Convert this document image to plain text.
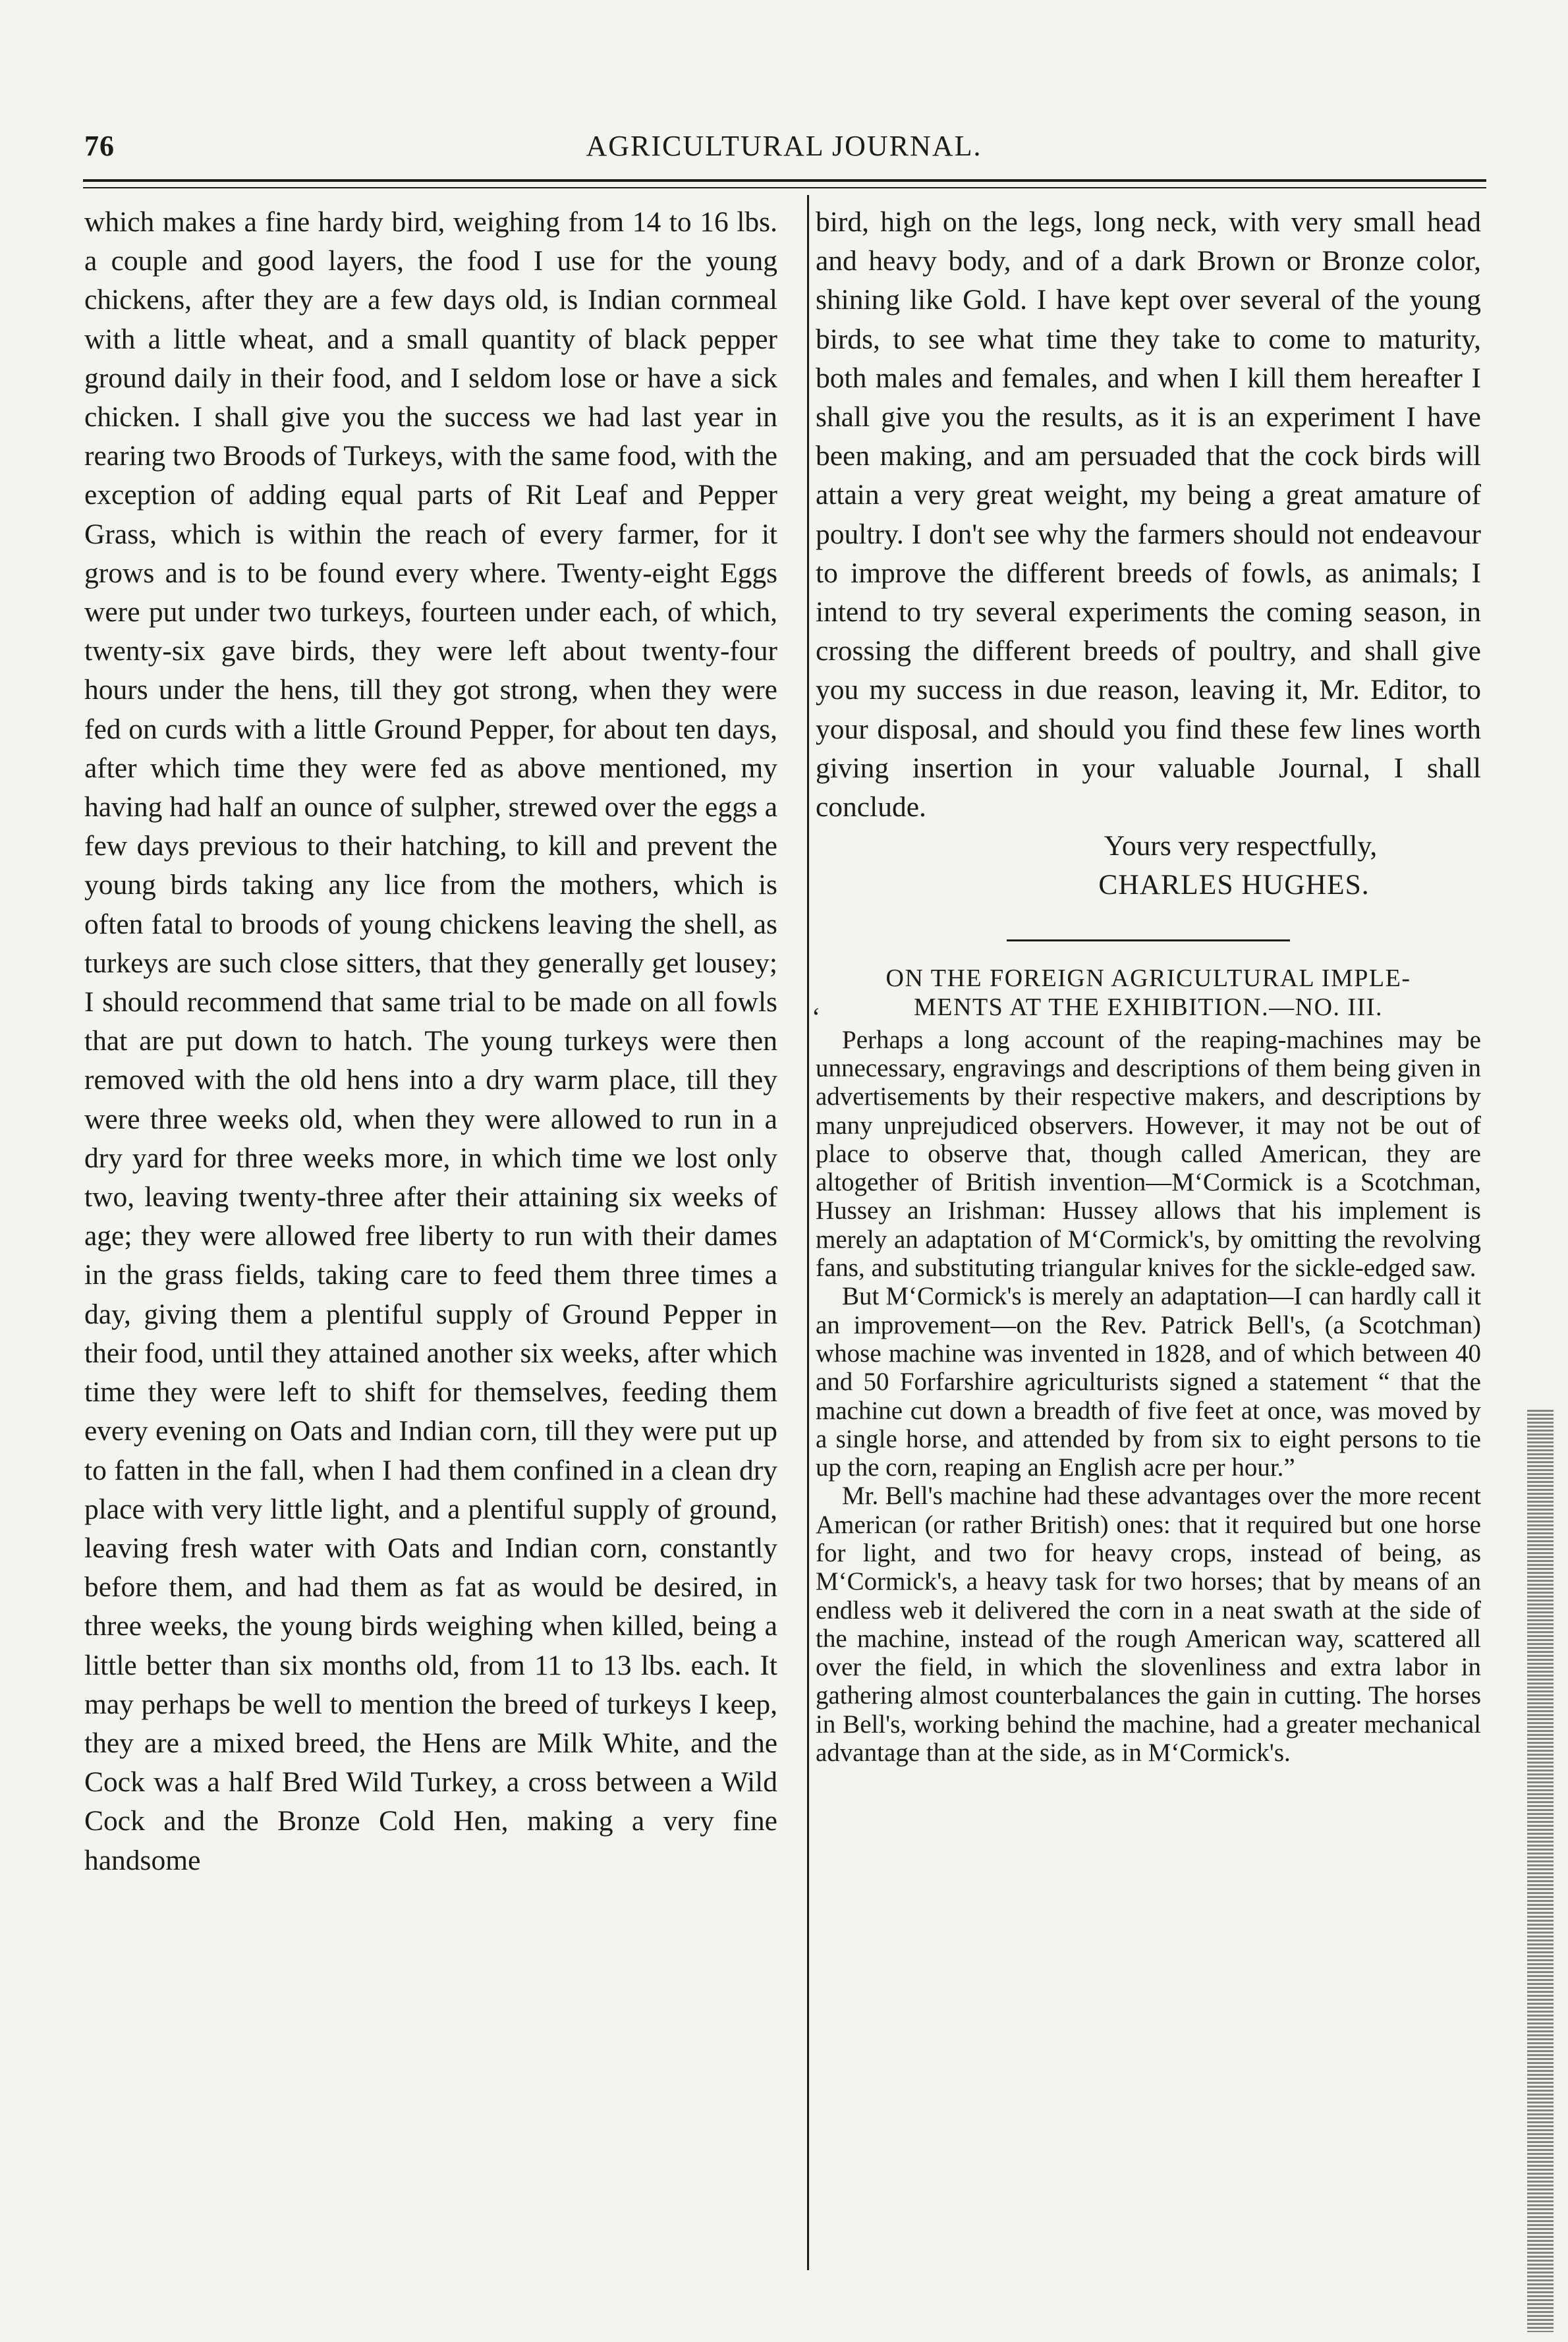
76	AGRICULTURAL JOURNAL.

which makes a fine hardy bird, weighing from 14 to 16 lbs. a couple and good layers, the food I use for the young chickens, after they are a few days old, is Indian cornmeal with a little wheat, and a small quantity of black pepper ground daily in their food, and I seldom lose or have a sick chicken. I shall give you the success we had last year in rearing two Broods of Turkeys, with the same food, with the exception of adding equal parts of Rit Leaf and Pepper Grass, which is within the reach of every farmer, for it grows and is to be found every where. Twenty-eight Eggs were put under two turkeys, fourteen under each, of which, twenty-six gave birds, they were left about twenty-four hours under the hens, till they got strong, when they were fed on curds with a little Ground Pepper, for about ten days, after which time they were fed as above mentioned, my having had half an ounce of sulpher, strewed over the eggs a few days previous to their hatching, to kill and prevent the young birds taking any lice from the mothers, which is often fatal to broods of young chickens leaving the shell, as turkeys are such close sitters, that they generally get lousey; I should recommend that same trial to be made on all fowls that are put down to hatch. The young turkeys were then removed with the old hens into a dry warm place, till they were three weeks old, when they were allowed to run in a dry yard for three weeks more, in which time we lost only two, leaving twenty-three after their attaining six weeks of age; they were allowed free liberty to run with their dames in the grass fields, taking care to feed them three times a day, giving them a plentiful supply of Ground Pepper in their food, until they attained another six weeks, after which time they were left to shift for themselves, feeding them every evening on Oats and Indian corn, till they were put up to fatten in the fall, when I had them confined in a clean dry place with very little light, and a plentiful supply of ground, leaving fresh water with Oats and Indian corn, constantly before them, and had them as fat as would be desired, in three weeks, the young birds weighing when killed, being a little better than six months old, from 11 to 13 lbs. each. It may perhaps be well to mention the breed of turkeys I keep, they are a mixed breed, the Hens are Milk White, and the Cock was a half Bred Wild Turkey, a cross between a Wild Cock and the Bronze Cold Hen, making a very fine handsome

bird, high on the legs, long neck, with very small head and heavy body, and of a dark Brown or Bronze color, shining like Gold. I have kept over several of the young birds, to see what time they take to come to maturity, both males and females, and when I kill them hereafter I shall give you the results, as it is an experiment I have been making, and am persuaded that the cock birds will attain a very great weight, my being a great amature of poultry. I don't see why the farmers should not endeavour to improve the different breeds of fowls, as animals; I intend to try several experiments the coming season, in crossing the different breeds of poultry, and shall give you my success in due reason, leaving it, Mr. Editor, to your disposal, and should you find these few lines worth giving insertion in your valuable Journal, I shall conclude.

Yours very respectfully,

CHARLES HUGHES.

ON THE FOREIGN AGRICULTURAL IMPLE-

MENTS AT THE EXHIBITION.—NO. III.

Perhaps a long account of the reaping-machines may be unnecessary, engravings and descriptions of them being given in advertisements by their respective makers, and descriptions by many unprejudiced observers. However, it may not be out of place to observe that, though called American, they are altogether of British invention—M‘Cormick is a Scotchman, Hussey an Irishman: Hussey allows that his implement is merely an adaptation of M‘Cormick's, by omitting the revolving fans, and substituting triangular knives for the sickle-edged saw.

But M‘Cormick's is merely an adaptation—I can hardly call it an improvement—on the Rev. Patrick Bell's, (a Scotchman) whose machine was invented in 1828, and of which between 40 and 50 Forfarshire agriculturists signed a statement “ that the machine cut down a breadth of five feet at once, was moved by a single horse, and attended by from six to eight persons to tie up the corn, reaping an English acre per hour.”

Mr. Bell's machine had these advantages over the more recent American (or rather British) ones: that it required but one horse for light, and two for heavy crops, instead of being, as M‘Cormick's, a heavy task for two horses; that by means of an endless web it delivered the corn in a neat swath at the side of the machine, instead of the rough American way, scattered all over the field, in which the slovenliness and extra labor in gathering almost counterbalances the gain in cutting. The horses in Bell's, working behind the machine, had a greater mechanical advantage than at the side, as in M‘Cormick's.

‘
